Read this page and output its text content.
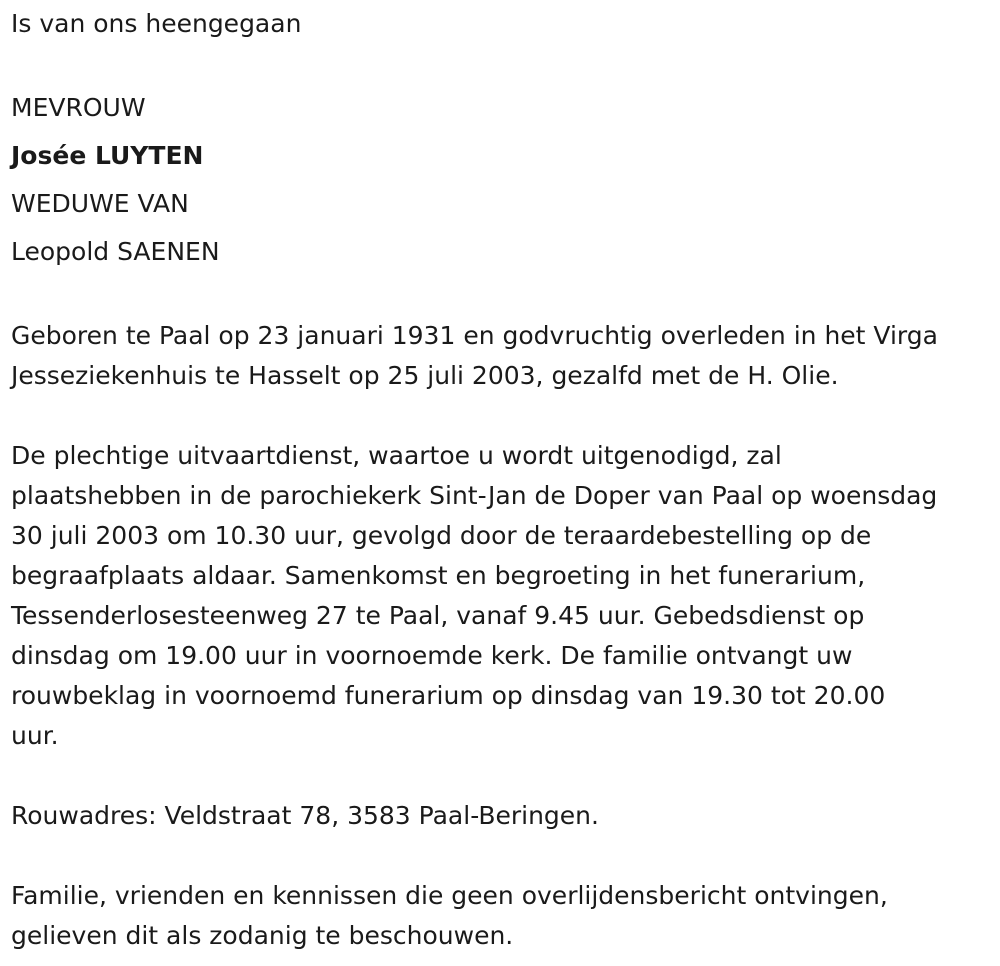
Is van ons heengegaan

MEVROUW

Josée LUYTEN

WEDUWE VAN

Leopold SAENEN

Geboren te Paal op 23 januari 1931 en godvruchtig overleden in het Virga
Jesseziekenhuis te Hasselt op 25 juli 2003, gezalfd met de H. Olie.

De plechtige uitvaartdienst, waartoe u wordt uitgenodigd, zal
plaatshebben in de parochiekerk Sint-Jan de Doper van Paal op woensdag
30 juli 2003 om 10.30 uur, gevolgd door de teraardebestelling op de
begraafplaats aldaar. Samenkomst en begroeting in het funerarium,
Tessenderlosesteenweg 27 te Paal, vanaf 9.45 uur. Gebedsdienst op
dinsdag om 19.00 uur in voornoemde kerk. De familie ontvangt uw
rouwbeklag in voornoemd funerarium op dinsdag van 19.30 tot 20.00
uur.

Rouwadres: Veldstraat 78, 3583 Paal-Beringen.

Familie, vrienden en kennissen die geen overlijdensbericht ontvingen,
gelieven dit als zodanig te beschouwen.
